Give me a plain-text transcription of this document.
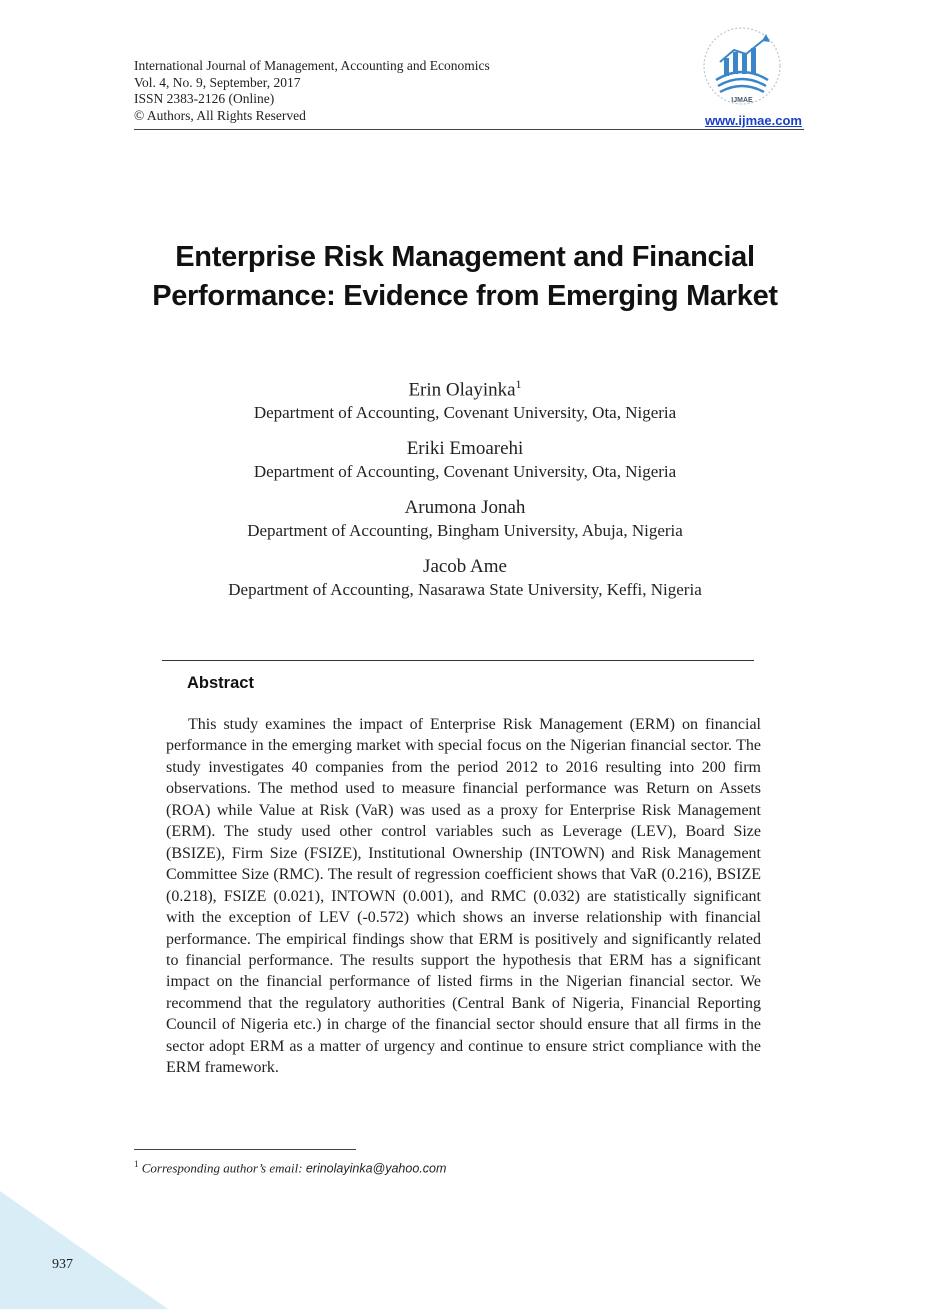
International Journal of Management, Accounting and Economics
Vol. 4, No. 9, September, 2017
ISSN 2383-2126 (Online)
© Authors, All Rights Reserved	www.ijmae.com
IJMAE
Enterprise Risk Management and Financial
Performance: Evidence from Emerging Market
Erin Olayinka$^1$
Department of Accounting, Covenant University, Ota, Nigeria
Eriki Emoarehi
Department of Accounting, Covenant University, Ota, Nigeria
Arumona Jonah
Department of Accounting, Bingham University, Abuja, Nigeria
Jacob Ame
Department of Accounting, Nasarawa State University, Keffi, Nigeria
Abstract
This study examines the impact of Enterprise Risk Management (ERM) on financial performance in the emerging market with special focus on the Nigerian financial sector. The study investigates 40 companies from the period 2012 to 2016 resulting into 200 firm observations. The method used to measure financial performance was Return on Assets (ROA) while Value at Risk (VaR) was used as a proxy for Enterprise Risk Management (ERM). The study used other control variables such as Leverage (LEV), Board Size (BSIZE), Firm Size (FSIZE), Institutional Ownership (INTOWN) and Risk Management Committee Size (RMC). The result of regression coefficient shows that VaR (0.216), BSIZE (0.218), FSIZE (0.021), INTOWN (0.001), and RMC (0.032) are statistically significant with the exception of LEV (-0.572) which shows an inverse relationship with financial performance. The empirical findings show that ERM is positively and significantly related to financial performance. The results support the hypothesis that ERM has a significant impact on the financial performance of listed firms in the Nigerian financial sector. We recommend that the regulatory authorities (Central Bank of Nigeria, Financial Reporting Council of Nigeria etc.) in charge of the financial sector should ensure that all firms in the sector adopt ERM as a matter of urgency and continue to ensure strict compliance with the ERM framework.
$^1$ Corresponding author’s email: erinolayinka@yahoo.com
937
